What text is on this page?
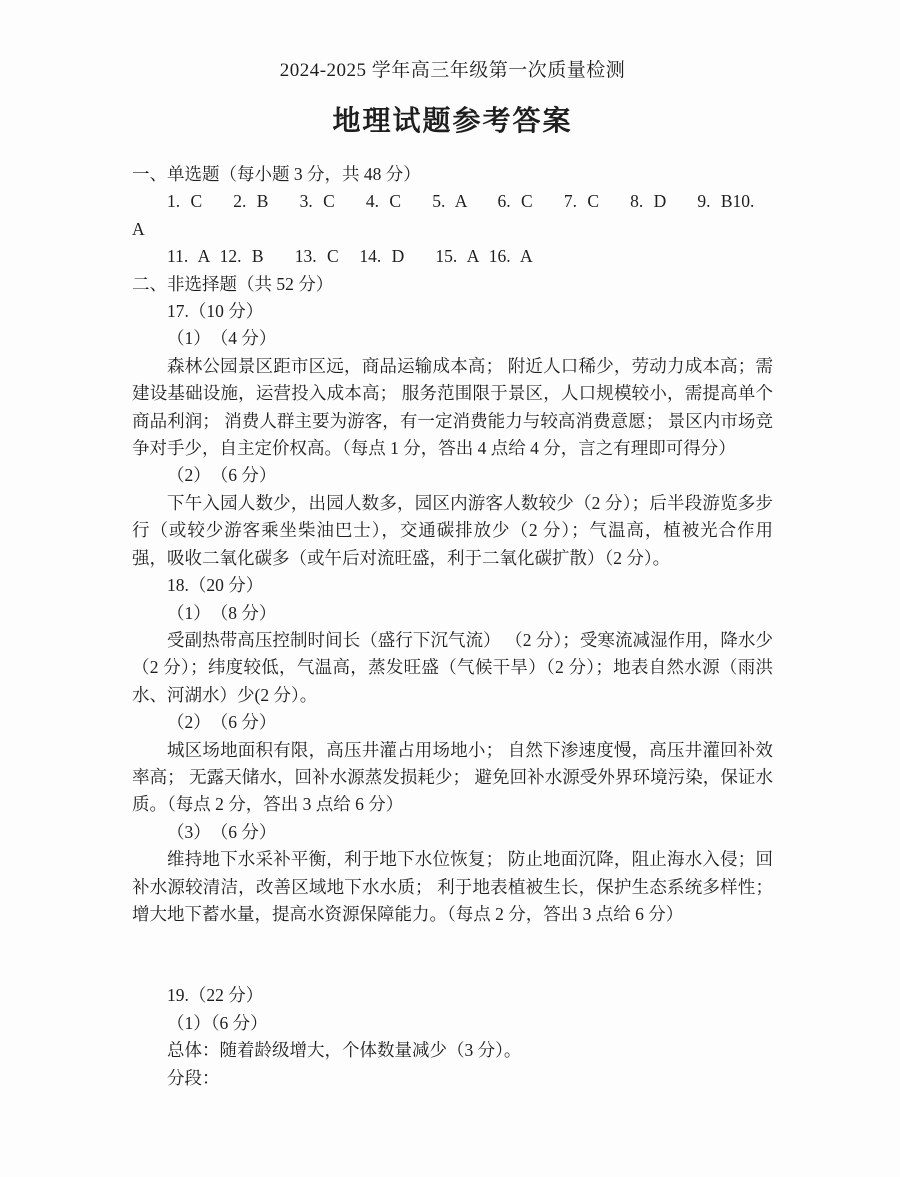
2024-2025 学年高三年级第一次质量检测
地理试题参考答案
一、单选题（每小题 3 分，共 48 分）
1. C   2. B   3. C   4. C   5. A   6. C   7. C   8. D   9. B10. A
11. A 12. B   13. C  14. D   15. A 16. A
二、非选择题（共 52 分）
17.（10 分）
（1）　（4 分）
森林公园景区距市区远，商品运输成本高； 附近人口稀少，劳动力成本高；需建设基础设施，运营投入成本高； 服务范围限于景区，人口规模较小，需提高单个商品利润； 消费人群主要为游客，有一定消费能力与较高消费意愿； 景区内市场竞争对手少，自主定价权高。（每点 1 分，答出 4 点给 4 分，言之有理即可得分）
（2）　（6 分）
下午入园人数少，出园人数多，园区内游客人数较少（2 分）；后半段游览多步行（或较少游客乘坐柴油巴士），交通碳排放少（2 分）；气温高，植被光合作用强，吸收二氧化碳多（或午后对流旺盛，利于二氧化碳扩散）（2 分）。
18.（20 分）
（1）　（8 分）
受副热带高压控制时间长（盛行下沉气流） （2 分）；受寒流减湿作用，降水少（2 分）；纬度较低，气温高，蒸发旺盛（气候干旱）（2 分）；地表自然水源（雨洪水、河湖水）少(2 分）。
（2）　（6 分）
城区场地面积有限，高压井灌占用场地小； 自然下渗速度慢，高压井灌回补效率高； 无露天储水，回补水源蒸发损耗少； 避免回补水源受外界环境污染，保证水质。（每点 2 分，答出 3 点给 6 分）
（3）　（6 分）
维持地下水采补平衡，利于地下水位恢复； 防止地面沉降，阻止海水入侵；回补水源较清洁，改善区域地下水水质； 利于地表植被生长，保护生态系统多样性； 增大地下蓄水量，提高水资源保障能力。（每点 2 分，答出 3 点给 6 分）
19.（22 分）
（1）（6 分）
总体：随着龄级增大，个体数量减少（3 分）。
分段：
